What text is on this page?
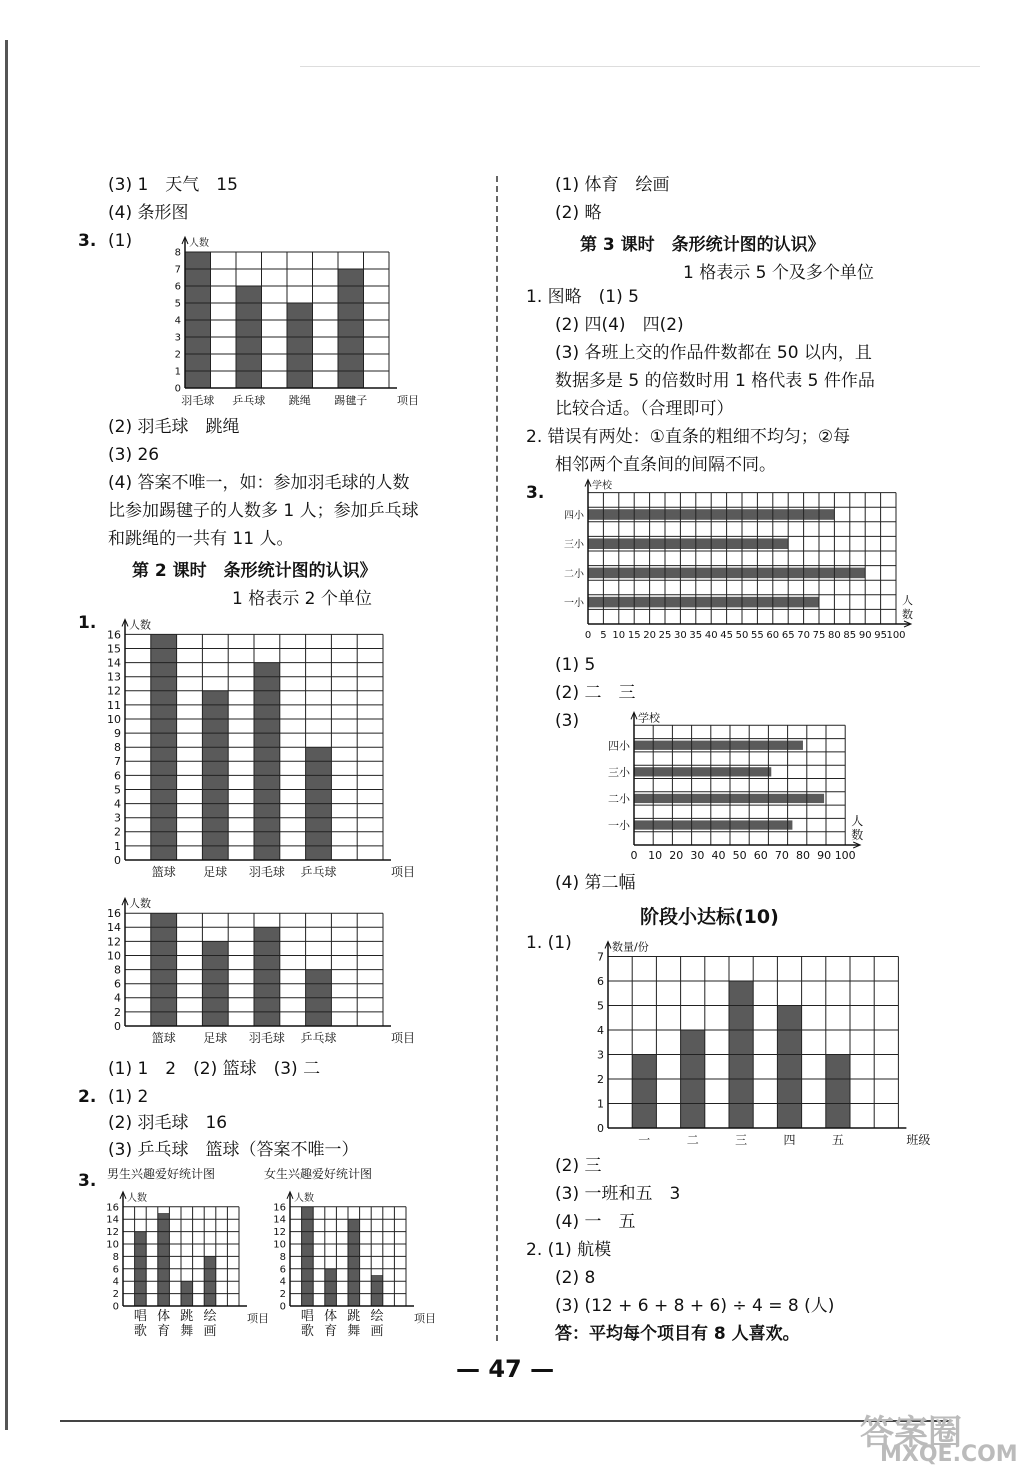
(3) 1　天气　15
(4) 条形图
3. (1)
0
1
2
3
4
5
6
7
8
人数
羽毛球 乒乓球 跳绳 踢毽子	项目
(2) 羽毛球　跳绳
(3) 26
(4) 答案不唯一，如：参加羽毛球的人数
比参加踢毽子的人数多 1 人；参加乒乓球
和跳绳的一共有 11 人。
第 2 课时　条形统计图的认识》
1 格表示 2 个单位
1.
0
1
2
3
4
5
6
7
8
9
10
11
12
13
14
15
16
人数
篮球 足球 羽毛球 乒乓球	项目
0
2
4
6
8
10
12
14
16
人数
篮球 足球 羽毛球 乒乓球	项目
(1) 1　2　(2) 篮球　(3) 二
2. (1) 2
(2) 羽毛球　16
(3) 乒乓球　篮球（答案不唯一）
3.
0
2
4
6
8
10
12
14
16
人数
唱
歌
体
育
跳
舞
绘
画
项目
男生兴趣爱好统计图
0
2
4
6
8
10
12
14
16
人数
唱
歌
体
育
跳
舞
绘
画
项目
女生兴趣爱好统计图
(1) 体育　绘画
(2) 略
第 3 课时　条形统计图的认识》
1 格表示 5 个及多个单位
1. 图略　(1) 5
(2) 四(4)　四(2)
(3) 各班上交的作品件数都在 50 以内，且
数据多是 5 的倍数时用 1 格代表 5 件作品
比较合适。（合理即可）
2. 错误有两处：①直条的粗细不均匀；②每
相邻两个直条间的间隔不同。
3.
0 5 10 15 20 25 30 35 40 45 50 55 60 65 70 75 80 85 90 95 100
四小
三小
二小
一小
学校
人
数
(1) 5
(2) 二　三
(3)
0 10 20 30 40 50 60 70 80 90 100
四小
三小
二小
一小
学校
人
数
(4) 第二幅
阶段小达标(10)
1. (1)
0
1
2
3
4
5
6
7
数量/份
一	二	三	四	五	班级
(2) 三
(3) 一班和五　3
(4) 一　五
2. (1) 航模
(2) 8
(3) (12 + 6 + 8 + 6) ÷ 4 = 8 (人)
答：平均每个项目有 8 人喜欢。
— 47 —
答案圈
MXQE.COM
